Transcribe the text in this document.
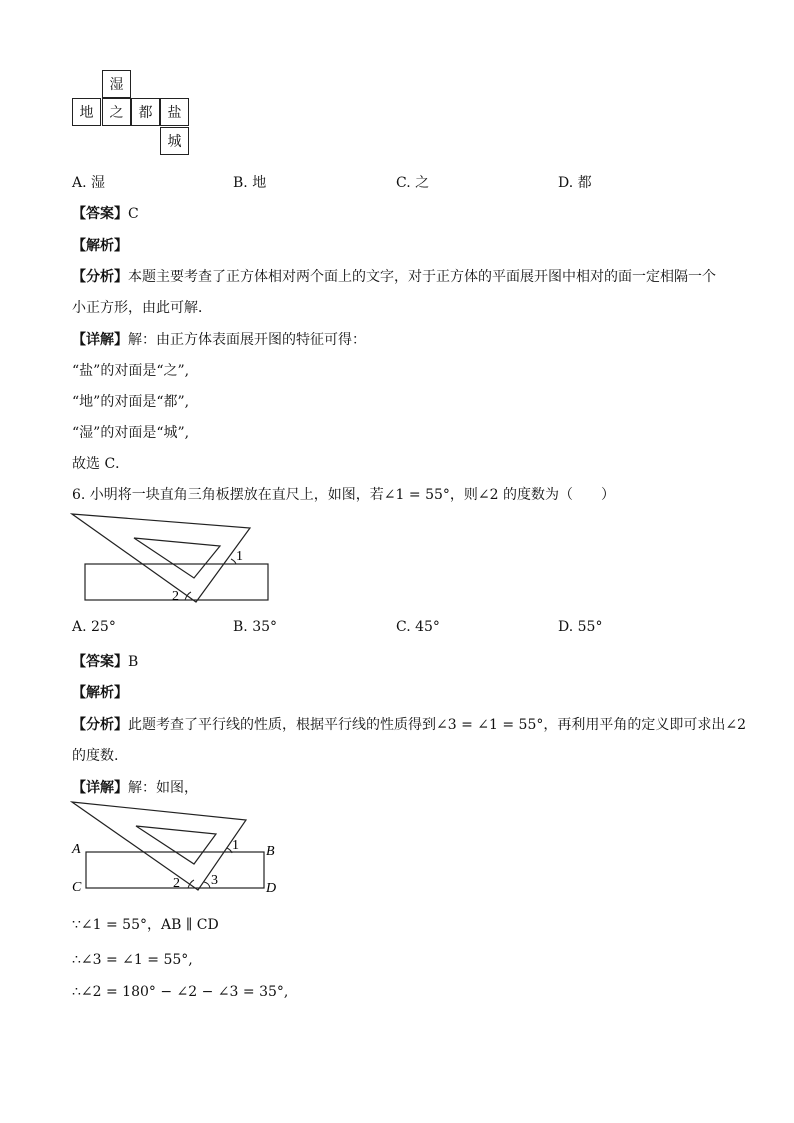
湿
地	之	都	盐
城
A. 湿	B. 地	C. 之	D. 都
【答案】C
【解析】
【分析】本题主要考查了正方体相对两个面上的文字，对于正方体的平面展开图中相对的面一定相隔一个
小正方形，由此可解．
【详解】解：由正方体表面展开图的特征可得：
“盐”的对面是“之”,
“地”的对面是“都”,
“湿”的对面是“城”,
故选 C．
6. 小明将一块直角三角板摆放在直尺上，如图，若∠1 = 55°，则∠2 的度数为（　　）
1
2
A. 25°	B. 35°	C. 45°	D. 55°
【答案】B
【解析】
【分析】此题考查了平行线的性质，根据平行线的性质得到∠3 = ∠1 = 55°，再利用平角的定义即可求出∠2
的度数.
【详解】解：如图，
A	B
C	D
1
2 3
∵∠1 = 55°，AB ∥ CD
∴∠3 = ∠1 = 55°,
∴∠2 = 180° − ∠2 − ∠3 = 35°,
